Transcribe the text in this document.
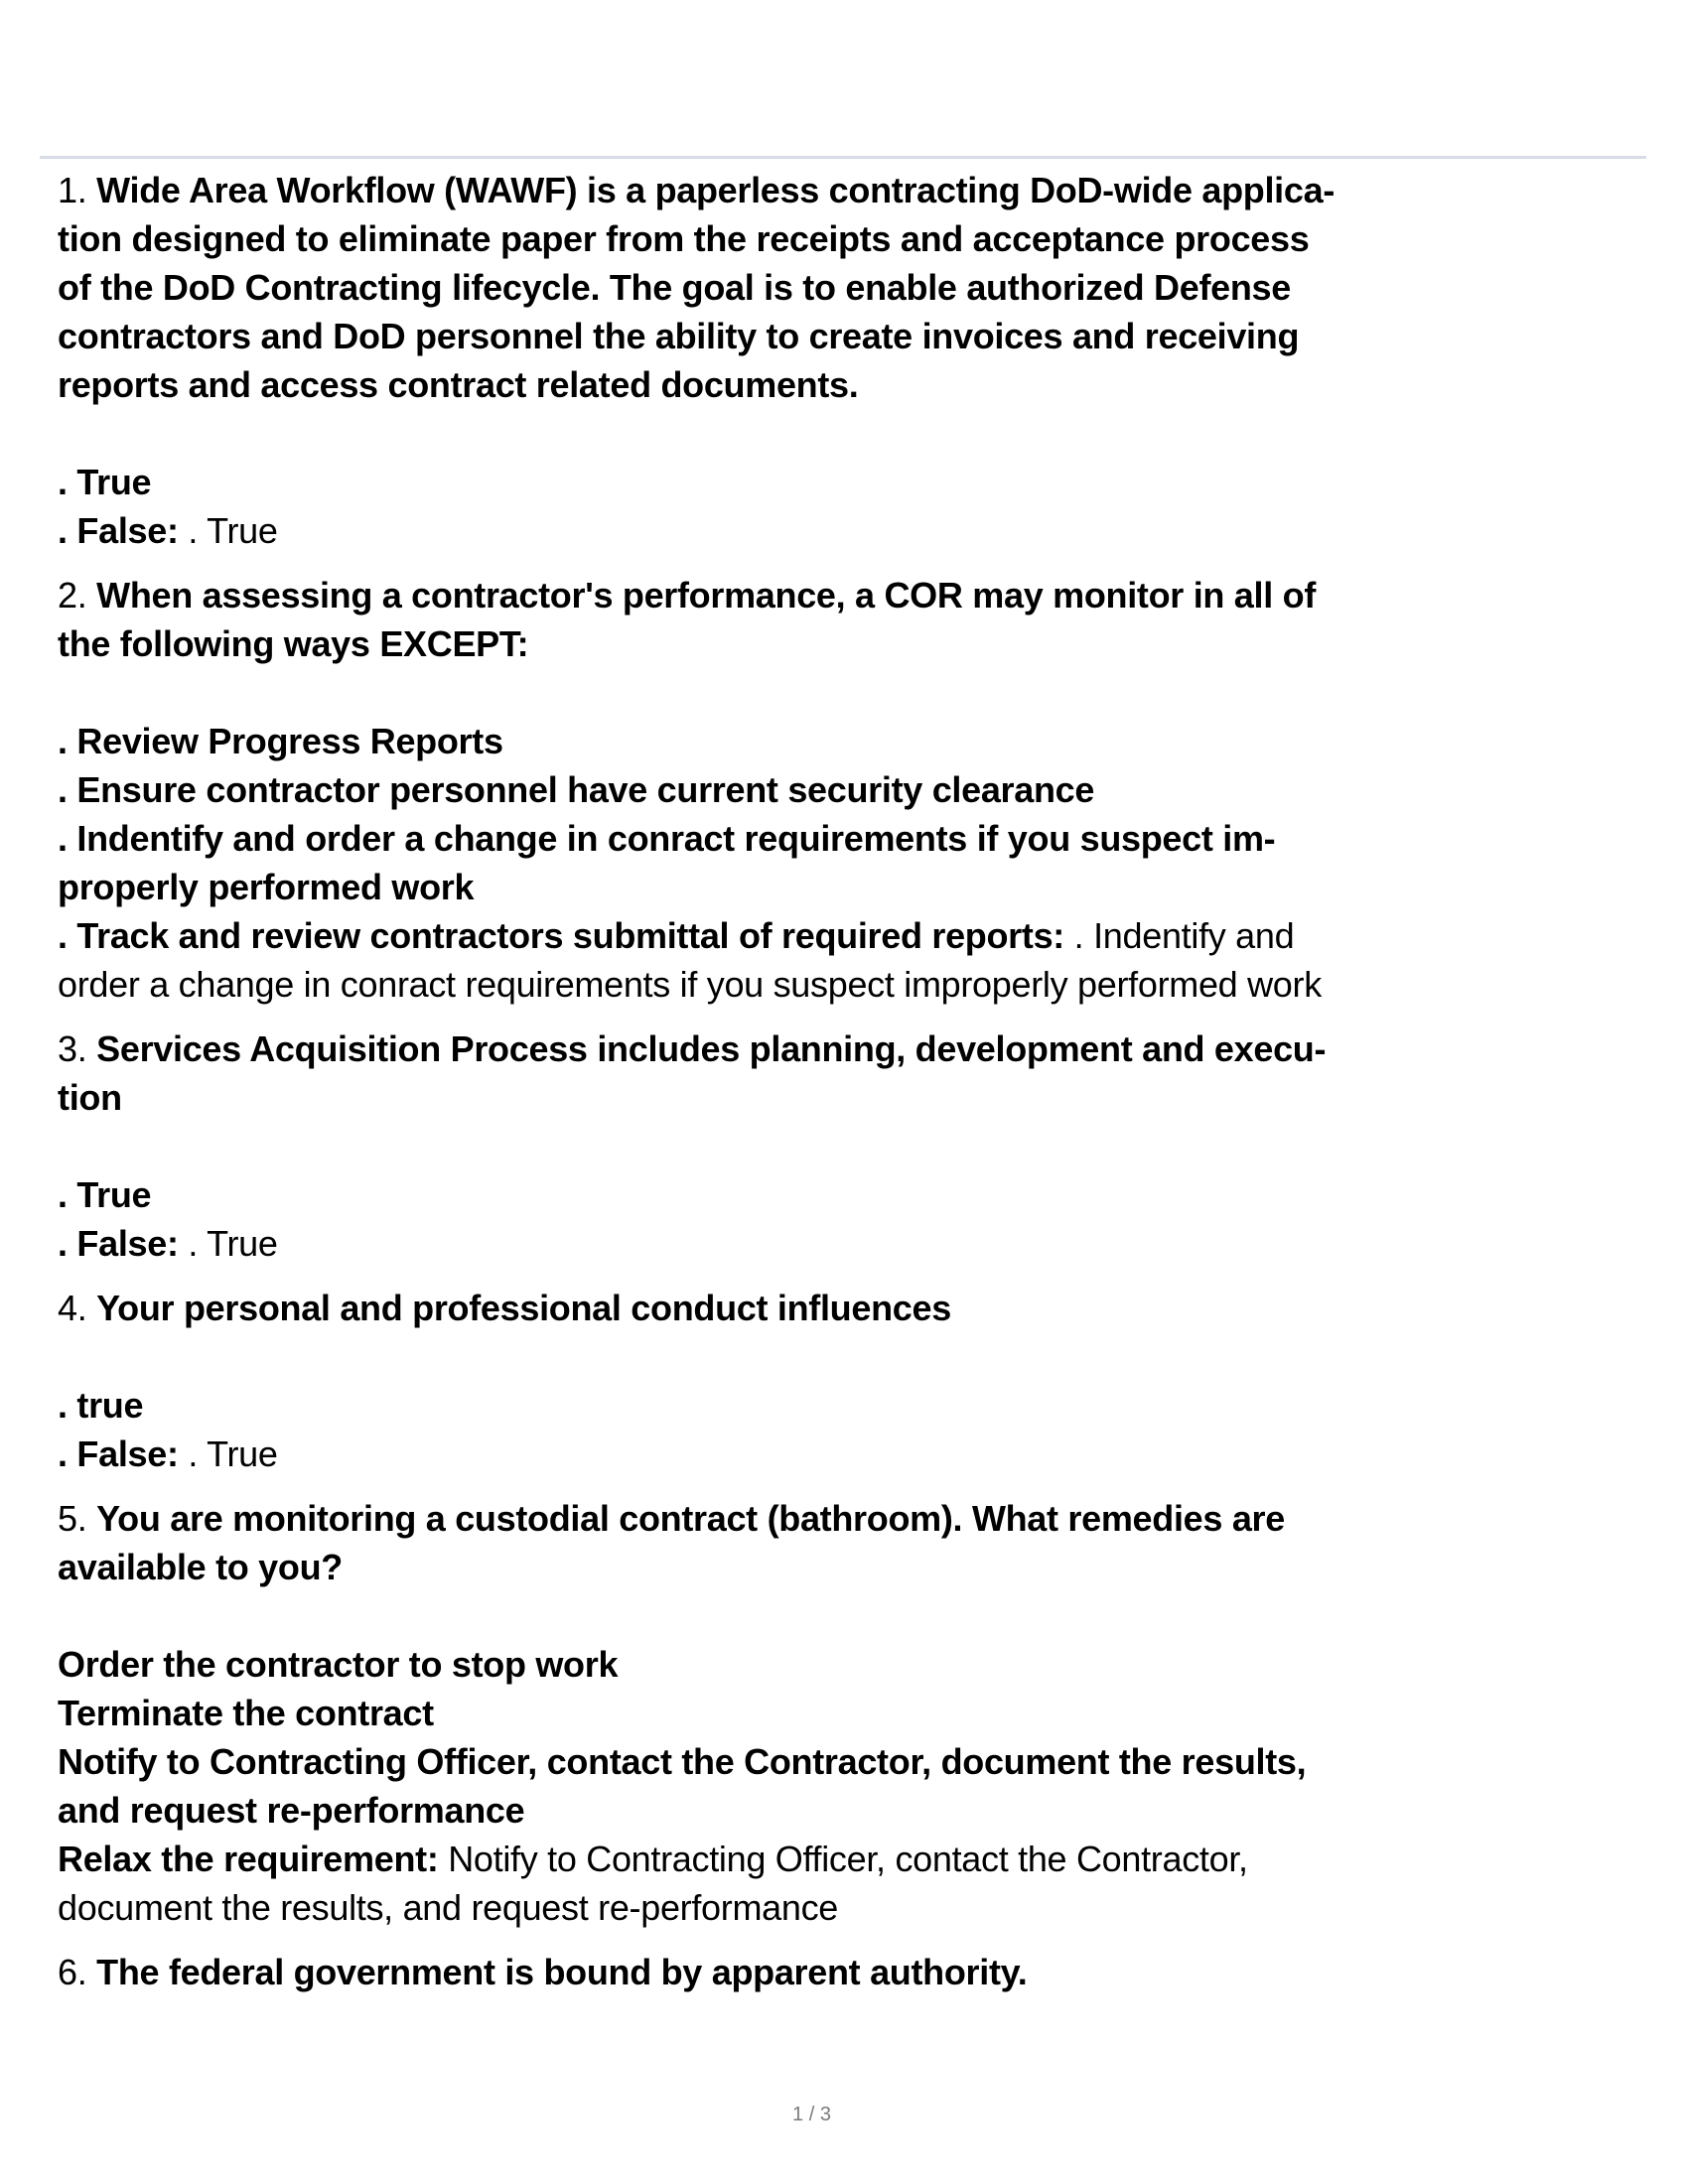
1. Wide Area Workflow (WAWF) is a paperless contracting DoD-wide applica-
tion designed to eliminate paper from the receipts and acceptance process
of the DoD Contracting lifecycle. The goal is to enable authorized Defense
contractors and DoD personnel the ability to create invoices and receiving
reports and access contract related documents.
. True
. False: . True
2. When assessing a contractor's performance, a COR may monitor in all of
the following ways EXCEPT:
. Review Progress Reports
. Ensure contractor personnel have current security clearance
. Indentify and order a change in conract requirements if you suspect im-
properly performed work
. Track and review contractors submittal of required reports: . Indentify and
order a change in conract requirements if you suspect improperly performed work
3. Services Acquisition Process includes planning, development and execu-
tion
. True
. False: . True
4. Your personal and professional conduct influences
. true
. False: . True
5. You are monitoring a custodial contract (bathroom). What remedies are
available to you?
Order the contractor to stop work
Terminate the contract
Notify to Contracting Officer, contact the Contractor, document the results,
and request re-performance
Relax the requirement: Notify to Contracting Officer, contact the Contractor,
document the results, and request re-performance
6. The federal government is bound by apparent authority.
1 / 3
